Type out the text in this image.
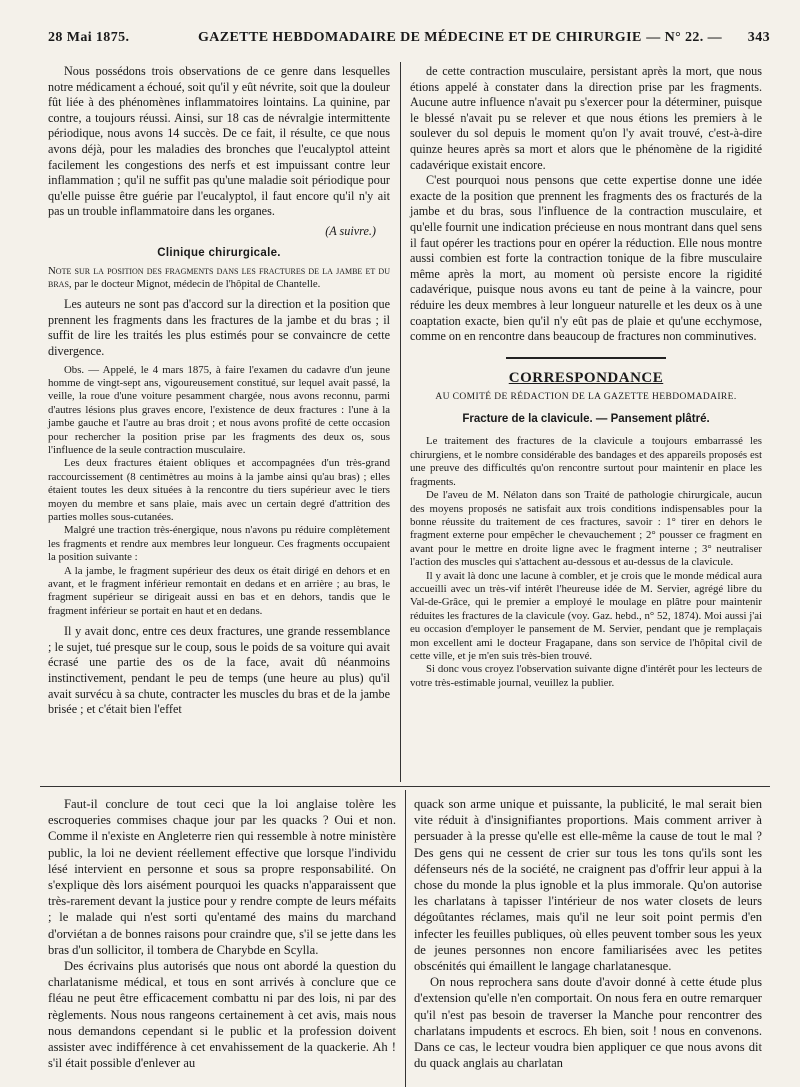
28 Mai 1875.	GAZETTE HEBDOMADAIRE DE MÉDECINE ET DE CHIRURGIE — N° 22. — 343

Nous possédons trois observations de ce genre dans lesquelles notre médicament a échoué, soit qu'il y eût névrite, soit que la douleur fût liée à des phénomènes inflammatoires lointains. La quinine, par contre, a toujours réussi. Ainsi, sur 18 cas de névralgie intermittente périodique, nous avons 14 succès. De ce fait, il résulte, ce que nous avons déjà, pour les maladies des bronches que l'eucalyptol atteint facilement les congestions des nerfs et est impuissant contre leur inflammation ; qu'il ne suffit pas qu'une maladie soit périodique pour qu'elle puisse être guérie par l'eucalyptol, il faut encore qu'il n'y ait pas un trouble inflammatoire dans les organes.

(A suivre.)
Clinique chirurgicale.

Note sur la position des fragments dans les fractures de la jambe et du bras, par le docteur Mignot, médecin de l'hôpital de Chantelle.

Les auteurs ne sont pas d'accord sur la direction et la position que prennent les fragments dans les fractures de la jambe et du bras ; il suffit de lire les traités les plus estimés pour se convaincre de cette divergence.

Obs. — Appelé, le 4 mars 1875, à faire l'examen du cadavre d'un jeune homme de vingt-sept ans, vigoureusement constitué, sur lequel avait passé, la veille, la roue d'une voiture pesamment chargée, nous avons reconnu, parmi d'autres lésions plus graves encore, l'existence de deux fractures : l'une à la jambe gauche et l'autre au bras droit ; et nous avons profité de cette occasion pour rechercher la position prise par les fragments des deux os, sous l'influence de la seule contraction musculaire.

Les deux fractures étaient obliques et accompagnées d'un très-grand raccourcissement (8 centimètres au moins à la jambe ainsi qu'au bras) ; elles étaient toutes les deux situées à la rencontre du tiers supérieur avec le tiers moyen du membre et sans plaie, mais avec un certain degré d'attrition des parties molles sous-cutanées.

Malgré une traction très-énergique, nous n'avons pu réduire complètement les fragments et rendre aux membres leur longueur. Ces fragments occupaient la position suivante :

A la jambe, le fragment supérieur des deux os était dirigé en dehors et en avant, et le fragment inférieur remontait en dedans et en arrière ; au bras, le fragment supérieur se dirigeait aussi en bas et en dehors, tandis que le fragment inférieur se portait en haut et en dedans.

Il y avait donc, entre ces deux fractures, une grande ressemblance ; le sujet, tué presque sur le coup, sous le poids de sa voiture qui avait écrasé une partie des os de la face, avait dû néanmoins instinctivement, pendant le peu de temps (une heure au plus) qu'il avait survécu à sa chute, contracter les muscles du bras et de la jambe brisée ; et c'était bien l'effet

de cette contraction musculaire, persistant après la mort, que nous étions appelé à constater dans la direction prise par les fragments. Aucune autre influence n'avait pu s'exercer pour la déterminer, puisque le blessé n'avait pu se relever et que nous étions les premiers à le soulever du sol depuis le moment qu'on l'y avait trouvé, c'est-à-dire quinze heures après sa mort et alors que le phénomène de la rigidité cadavérique existait encore.

C'est pourquoi nous pensons que cette expertise donne une idée exacte de la position que prennent les fragments des os fracturés de la jambe et du bras, sous l'influence de la contraction musculaire, et qu'elle fournit une indication précieuse en nous montrant dans quel sens il faut opérer les tractions pour en opérer la réduction. Elle nous montre aussi combien est forte la contraction tonique de la fibre musculaire même après la mort, au moment où persiste encore la rigidité cadavérique, puisque nous avons eu tant de peine à la vaincre, pour réduire les deux membres à leur longueur naturelle et les deux os à une coaptation exacte, bien qu'il n'y eût pas de plaie et qu'une ecchymose, comme on en rencontre dans beaucoup de fractures non comminutives.

CORRESPONDANCE
AU COMITÉ DE RÉDACTION DE LA GAZETTE HEBDOMADAIRE.
Fracture de la clavicule. — Pansement plâtré.

Le traitement des fractures de la clavicule a toujours embarrassé les chirurgiens, et le nombre considérable des bandages et des appareils proposés est une preuve des difficultés qu'on rencontre surtout pour maintenir en place les fragments.

De l'aveu de M. Nélaton dans son Traité de pathologie chirurgicale, aucun des moyens proposés ne satisfait aux trois conditions indispensables pour la bonne réussite du traitement de ces fractures, savoir : 1° tirer en dehors le fragment externe pour empêcher le chevauchement ; 2° pousser ce fragment en avant pour le mettre en droite ligne avec le fragment interne ; 3° neutraliser l'action des muscles qui s'attachent au-dessous et au-dessus de la clavicule.

Il y avait là donc une lacune à combler, et je crois que le monde médical aura accueilli avec un très-vif intérêt l'heureuse idée de M. Servier, agrégé libre du Val-de-Grâce, qui le premier a employé le moulage en plâtre pour maintenir réduites les fractures de la clavicule (voy. Gaz. hebd., n° 52, 1874). Moi aussi j'ai eu occasion d'employer le pansement de M. Servier, pendant que je remplaçais mon excellent ami le docteur Fragapane, dans son service de l'hôpital civil de cette ville, et je m'en suis très-bien trouvé.

Si donc vous croyez l'observation suivante digne d'intérêt pour les lecteurs de votre très-estimable journal, veuillez la publier.

Faut-il conclure de tout ceci que la loi anglaise tolère les escroqueries commises chaque jour par les quacks ? Oui et non. Comme il n'existe en Angleterre rien qui ressemble à notre ministère public, la loi ne devient réellement effective que lorsque l'individu lésé intervient en personne et sous sa propre responsabilité. On s'explique dès lors aisément pourquoi les quacks n'apparaissent que très-rarement devant la justice pour y rendre compte de leurs méfaits ; le malade qui n'est sorti qu'entamé des mains du marchand d'orviétan a de bonnes raisons pour craindre que, s'il se jette dans les bras d'un sollicitor, il tombera de Charybde en Scylla.

Des écrivains plus autorisés que nous ont abordé la question du charlatanisme médical, et tous en sont arrivés à conclure que ce fléau ne peut être efficacement combattu ni par des lois, ni par des règlements. Nous nous rangeons certainement à cet avis, mais nous nous demandons cependant si le public et la profession doivent assister avec indifférence à cet envahissement de la quackerie. Ah ! s'il était possible d'enlever au

quack son arme unique et puissante, la publicité, le mal serait bien vite réduit à d'insignifiantes proportions. Mais comment arriver à persuader à la presse qu'elle est elle-même la cause de tout le mal ? Des gens qui ne cessent de crier sur tous les tons qu'ils sont les défenseurs nés de la société, ne craignent pas d'offrir leur appui à la chose du monde la plus ignoble et la plus immorale. Qu'on autorise les charlatans à tapisser l'intérieur de nos water closets de leurs dégoûtantes réclames, mais qu'il ne leur soit point permis d'en infecter les feuilles publiques, où elles peuvent tomber sous les yeux de jeunes personnes non encore familiarisées avec les petites obscénités qui émaillent le langage charlatanesque.

On nous reprochera sans doute d'avoir donné à cette étude plus d'extension qu'elle n'en comportait. On nous fera en outre remarquer qu'il n'est pas besoin de traverser la Manche pour rencontrer des charlatans impudents et escrocs. Eh bien, soit ! nous en convenons. Dans ce cas, le lecteur voudra bien appliquer ce que nous avons dit du quack anglais au charlatan
